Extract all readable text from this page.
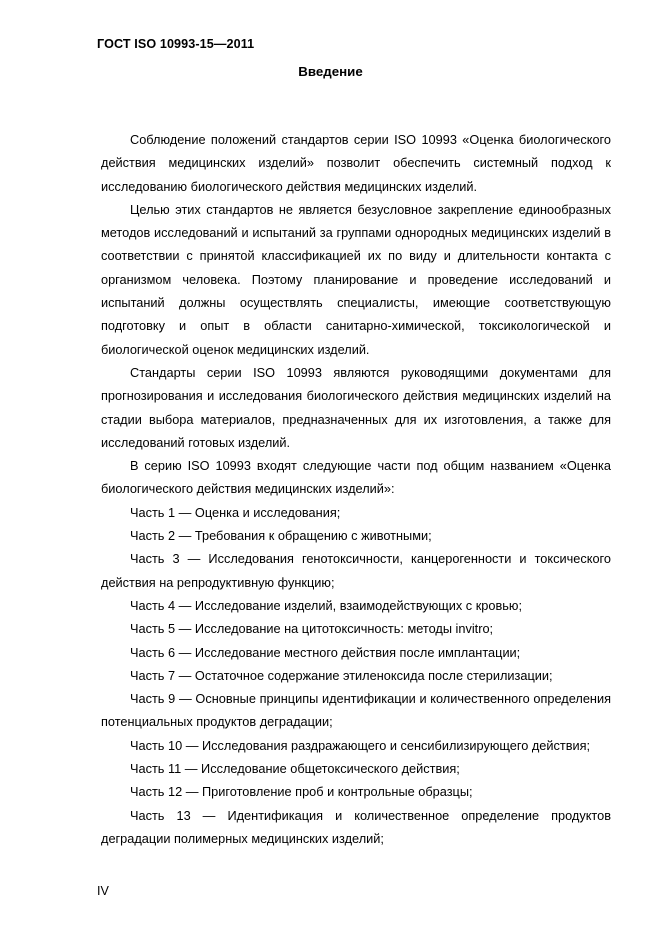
ГОСТ ISO 10993-15—2011
Введение

Соблюдение положений стандартов серии ISO 10993 «Оценка биологического действия медицинских изделий» позволит обеспечить системный подход к исследованию биологического действия медицинских изделий.

Целью этих стандартов не является безусловное закрепление единообразных методов исследований и испытаний за группами однородных медицинских изделий в соответствии с принятой классификацией их по виду и длительности контакта с организмом человека. Поэтому планирование и проведение исследований и испытаний должны осуществлять специалисты, имеющие соответствующую подготовку и опыт в области санитарно-химической, токсикологической и биологической оценок медицинских изделий.

Стандарты серии ISO 10993 являются руководящими документами для прогнозирования и исследования биологического действия медицинских изделий на стадии выбора материалов, предназначенных для их изготовления, а также для исследований готовых изделий.

В серию ISO 10993 входят следующие части под общим названием «Оценка биологического действия медицинских изделий»:

Часть 1 — Оценка и исследования;

Часть 2 — Требования к обращению с животными;

Часть 3 — Исследования генотоксичности, канцерогенности и токсического действия на репродуктивную функцию;

Часть 4 — Исследование изделий, взаимодействующих с кровью;

Часть 5 — Исследование на цитотоксичность: методы invitro;

Часть 6 — Исследование местного действия после имплантации;

Часть 7 — Остаточное содержание этиленоксида после стерилизации;

Часть 9 — Основные принципы идентификации и количественного определения потенциальных продуктов деградации;

Часть 10 — Исследования раздражающего и сенсибилизирующего действия;

Часть 11 — Исследование общетоксического действия;

Часть 12 — Приготовление проб и контрольные образцы;

Часть 13 — Идентификация и количественное определение продуктов деградации полимерных медицинских изделий;

IV
